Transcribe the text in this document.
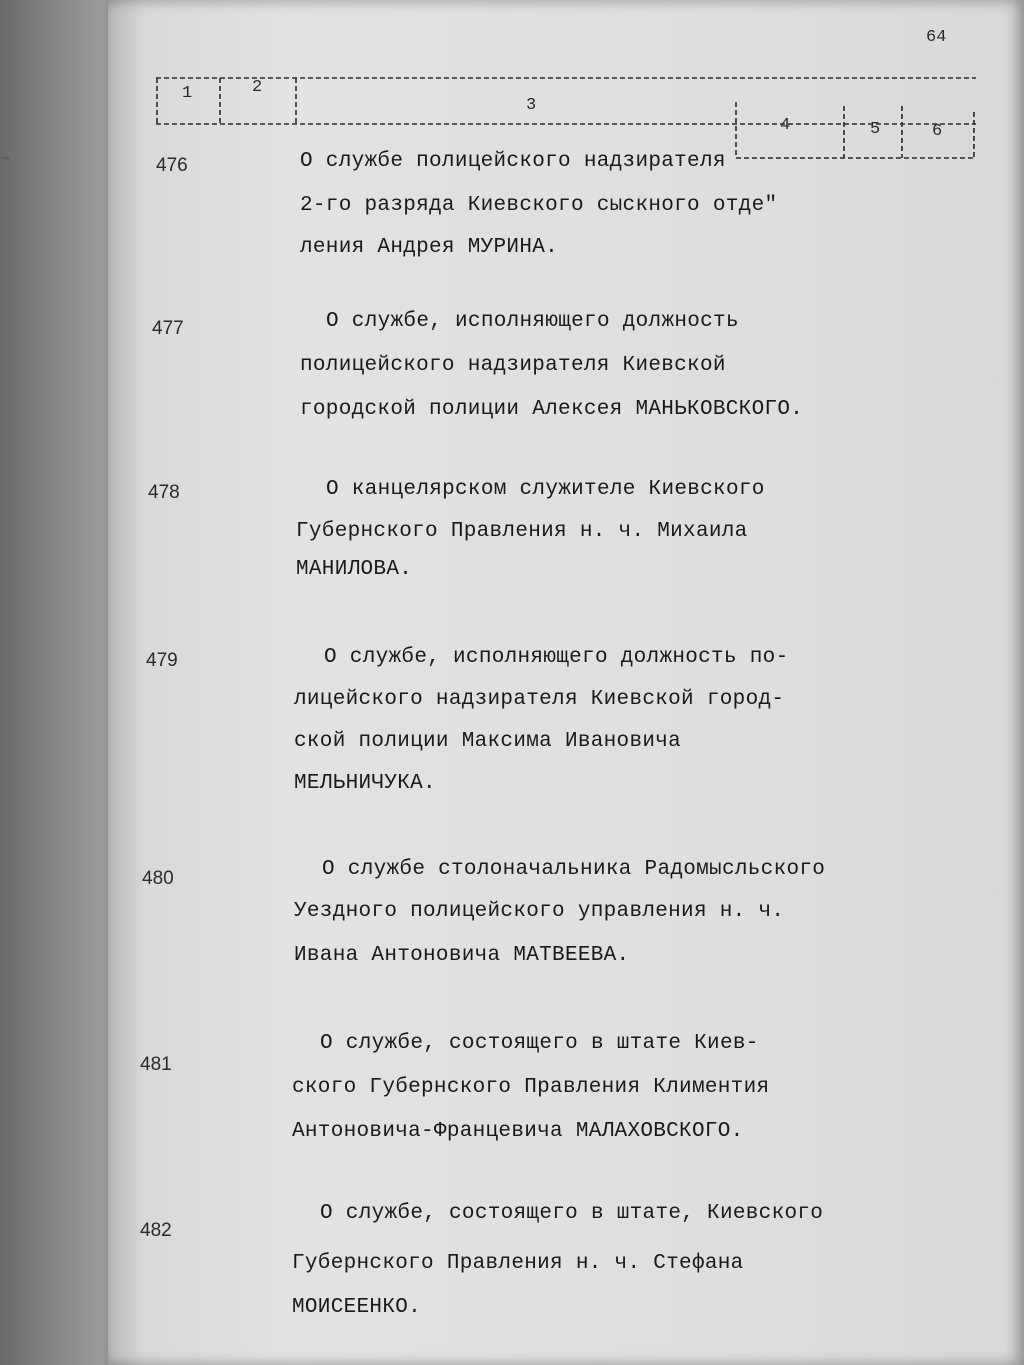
~
64
1	2
3
4	5	6
476	О службе полицейского надзирателя
2-го разряда Киевского сыскного отде"
ления Андрея МУРИНА.
477	О службе, исполняющего должность
полицейского надзирателя Киевской
городской полиции Алексея МАНЬКОВСКОГО.
478	О канцелярском служителе Киевского
Губернского Правления н. ч. Михаила
МАНИЛОВА.
479	О службе, исполняющего должность по-
лицейского надзирателя Киевской город-
ской полиции Максима Ивановича
МЕЛЬНИЧУКА.
480	О службе столоначальника Радомысльского
Уездного полицейского управления н. ч.
Ивана Антоновича МАТВЕЕВА.
481
О службе, состоящего в штате Киев-
ского Губернского Правления Климентия
Антоновича-Францевича МАЛАХОВСКОГО.
482
О службе, состоящего в штате, Киевского
Губернского Правления н. ч. Стефана
МОИСЕЕНКО.
